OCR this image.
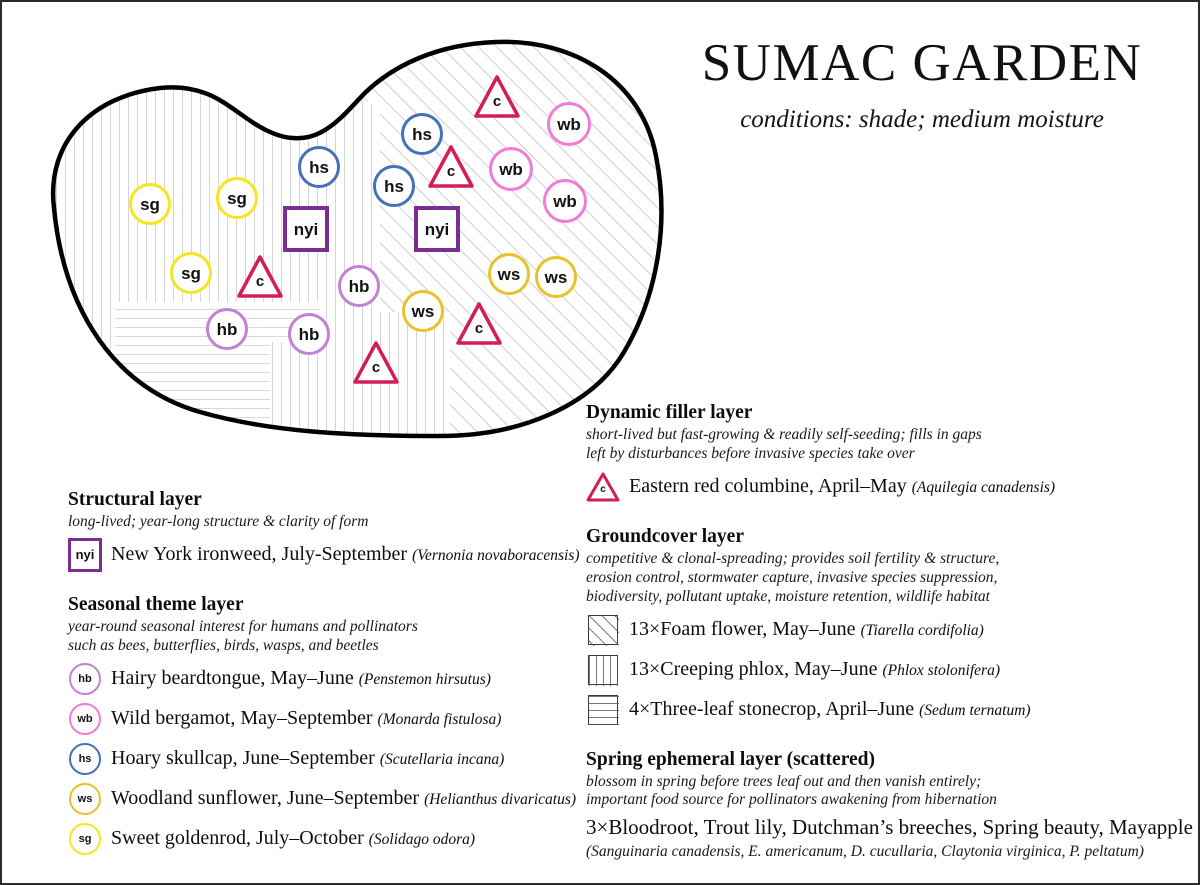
SUMAC GARDEN
conditions: shade; medium moisture
sg	sg
sg
hs
hs
hs
nyi	nyi
c
c
c
c
c
hb
hb	hb
wb
wb
wb
ws
ws ws
Structural layer
long-lived; year-long structure & clarity of form
nyi New York ironweed, July-September (Vernonia novaboracensis)
Seasonal theme layer
year-round seasonal interest for humans and pollinators
such as bees, butterflies, birds, wasps, and beetles
hb Hairy beardtongue, May–June (Penstemon hirsutus)
wb Wild bergamot, May–September (Monarda fistulosa)
hs Hoary skullcap, June–September (Scutellaria incana)
ws Woodland sunflower, June–September (Helianthus divaricatus)
sg Sweet goldenrod, July–October (Solidago odora)
Dynamic filler layer
short-lived but fast-growing & readily self-seeding; fills in gaps
left by disturbances before invasive species take over
c	Eastern red columbine, April–May (Aquilegia canadensis)
Groundcover layer
competitive & clonal-spreading; provides soil fertility & structure,
erosion control, stormwater capture, invasive species suppression,
biodiversity, pollutant uptake, moisture retention, wildlife habitat
13×Foam flower, May–June (Tiarella cordifolia)
13×Creeping phlox, May–June (Phlox stolonifera)
4×Three-leaf stonecrop, April–June (Sedum ternatum)
Spring ephemeral layer (scattered)
blossom in spring before trees leaf out and then vanish entirely;
important food source for pollinators awakening from hibernation
3×Bloodroot, Trout lily, Dutchman’s breeches, Spring beauty, Mayapple
(Sanguinaria canadensis, E. americanum, D. cucullaria, Claytonia virginica, P. peltatum)
